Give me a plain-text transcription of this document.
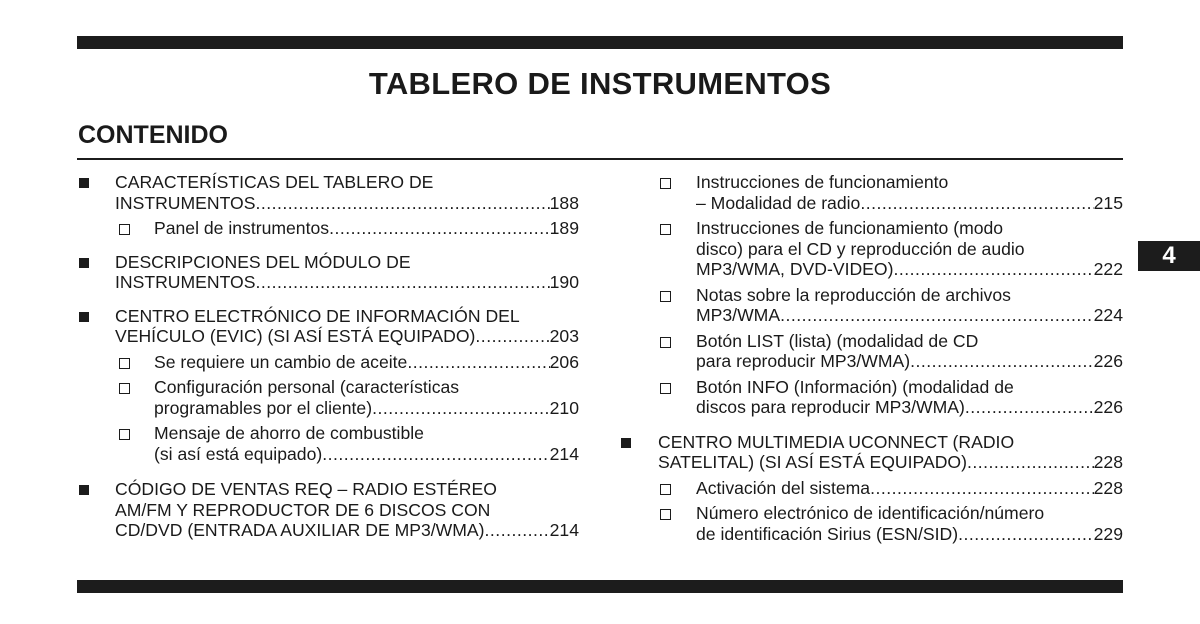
TABLERO DE INSTRUMENTOS
CONTENIDO
CARACTERÍSTICAS DEL TABLERO DE
INSTRUMENTOS .....	188
Panel de instrumentos .....	189
DESCRIPCIONES DEL MÓDULO DE
INSTRUMENTOS .....	190
CENTRO ELECTRÓNICO DE INFORMACIÓN DEL
VEHÍCULO (EVIC) (SI ASÍ ESTÁ EQUIPADO) .....	203
Se requiere un cambio de aceite .....	206
Configuración personal (características
programables por el cliente) .....	210
Mensaje de ahorro de combustible
(si así está equipado) .....	214
CÓDIGO DE VENTAS REQ – RADIO ESTÉREO
AM/FM Y REPRODUCTOR DE 6 DISCOS CON
CD/DVD (ENTRADA AUXILIAR DE MP3/WMA) .....	214
Instrucciones de funcionamiento
– Modalidad de radio .....	215
Instrucciones de funcionamiento (modo
disco) para el CD y reproducción de audio
MP3/WMA, DVD-VIDEO) .....	222
Notas sobre la reproducción de archivos
MP3/WMA .....	224
Botón LIST (lista) (modalidad de CD
para reproducir MP3/WMA) .....	226
Botón INFO (Información) (modalidad de
discos para reproducir MP3/WMA) .....	226
CENTRO MULTIMEDIA UCONNECT (RADIO
SATELITAL) (SI ASÍ ESTÁ EQUIPADO) .....	228
Activación del sistema .....	228
Número electrónico de identificación/número
de identificación Sirius (ESN/SID) .....	229
4
